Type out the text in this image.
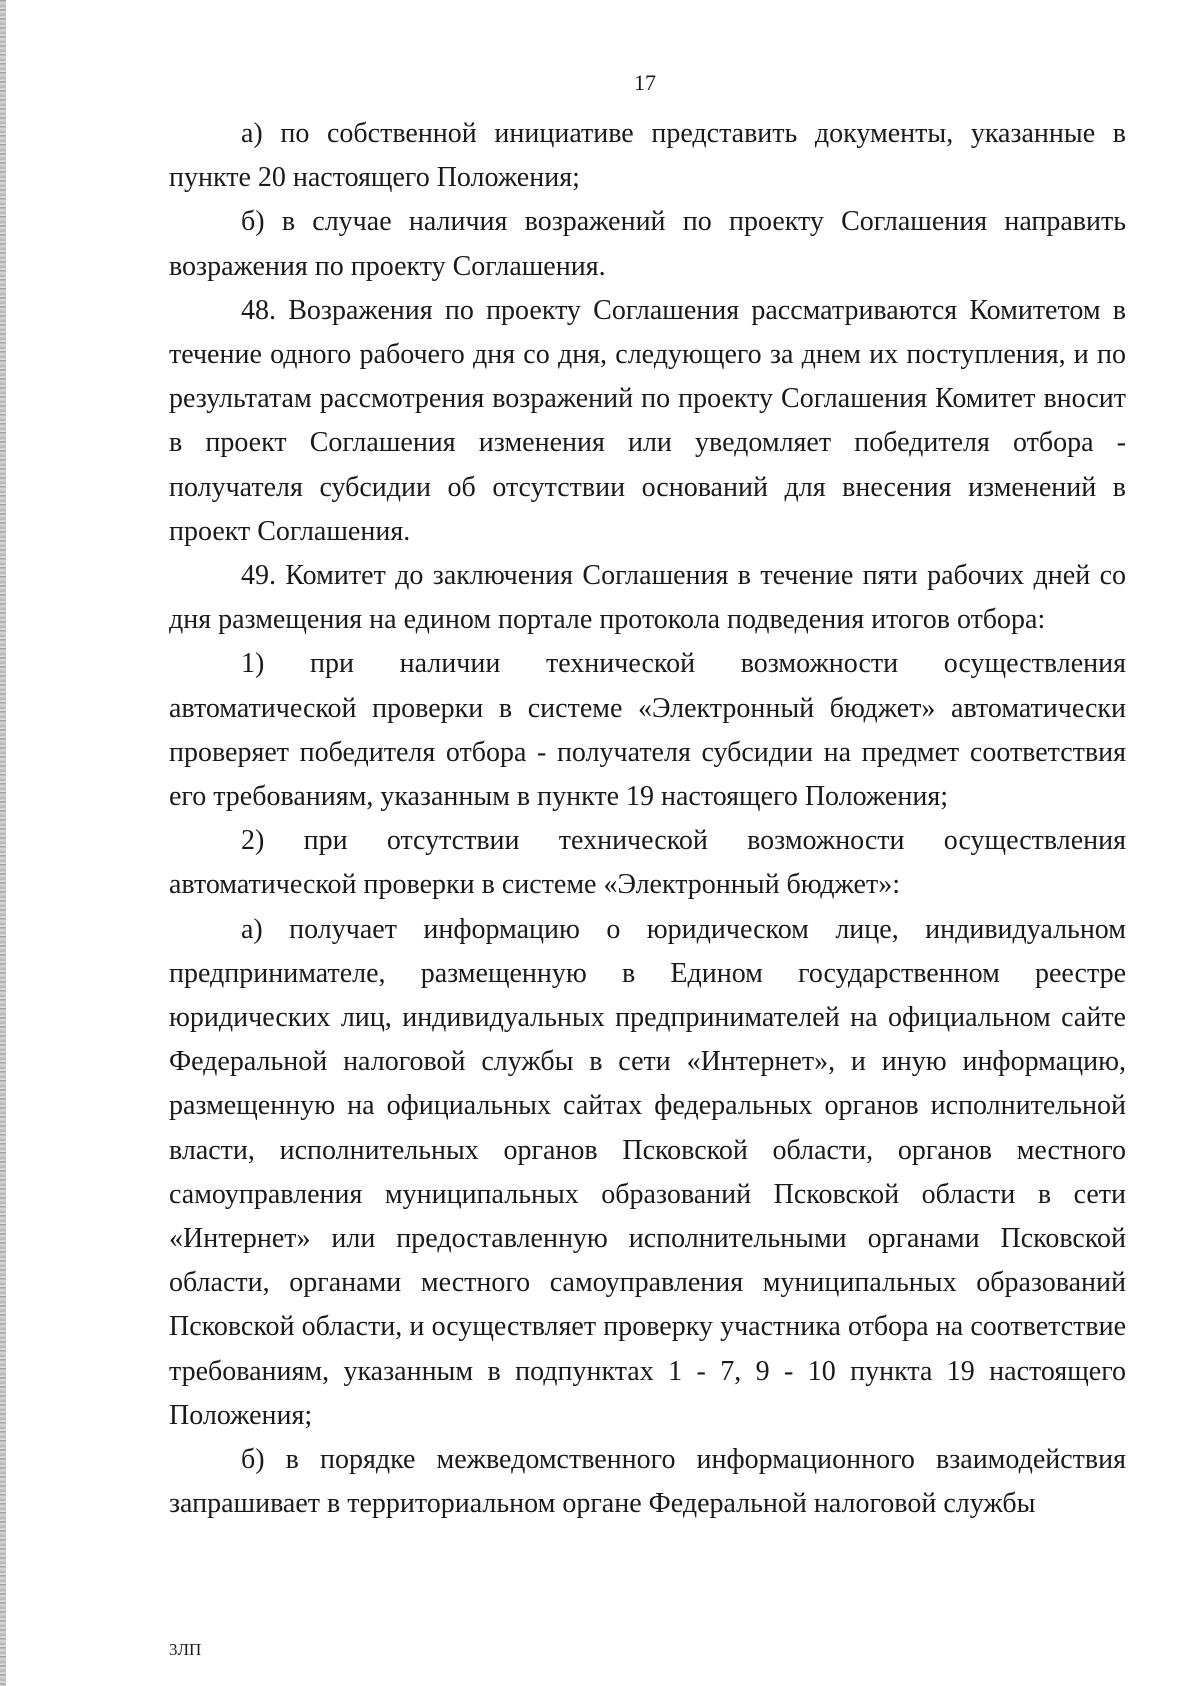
17

а) по собственной инициативе представить документы, указанные в пункте 20 настоящего Положения;

б) в случае наличия возражений по проекту Соглашения направить возражения по проекту Соглашения.

48. Возражения по проекту Соглашения рассматриваются Комитетом в течение одного рабочего дня со дня, следующего за днем их поступления, и по результатам рассмотрения возражений по проекту Соглашения Комитет вносит в проект Соглашения изменения или уведомляет победителя отбора - получателя субсидии об отсутствии оснований для внесения изменений в проект Соглашения.

49. Комитет до заключения Соглашения в течение пяти рабочих дней со дня размещения на едином портале протокола подведения итогов отбора:

1) при наличии технической возможности осуществления автоматической проверки в системе «Электронный бюджет» автоматически проверяет победителя отбора - получателя субсидии на предмет соответствия его требованиям, указанным в пункте 19 настоящего Положения;

2) при отсутствии технической возможности осуществления автоматической проверки в системе «Электронный бюджет»:

а) получает информацию о юридическом лице, индивидуальном предпринимателе, размещенную в Едином государственном реестре юридических лиц, индивидуальных предпринимателей на официальном сайте Федеральной налоговой службы в сети «Интернет», и иную информацию, размещенную на официальных сайтах федеральных органов исполнительной власти, исполнительных органов Псковской области, органов местного самоуправления муниципальных образований Псковской области в сети «Интернет» или предоставленную исполнительными органами Псковской области, органами местного самоуправления муниципальных образований Псковской области, и осуществляет проверку участника отбора на соответствие требованиям, указанным в подпунктах 1 - 7, 9 - 10 пункта 19 настоящего Положения;

б) в порядке межведомственного информационного взаимодействия запрашивает в территориальном органе Федеральной налоговой службы

3ЛП
